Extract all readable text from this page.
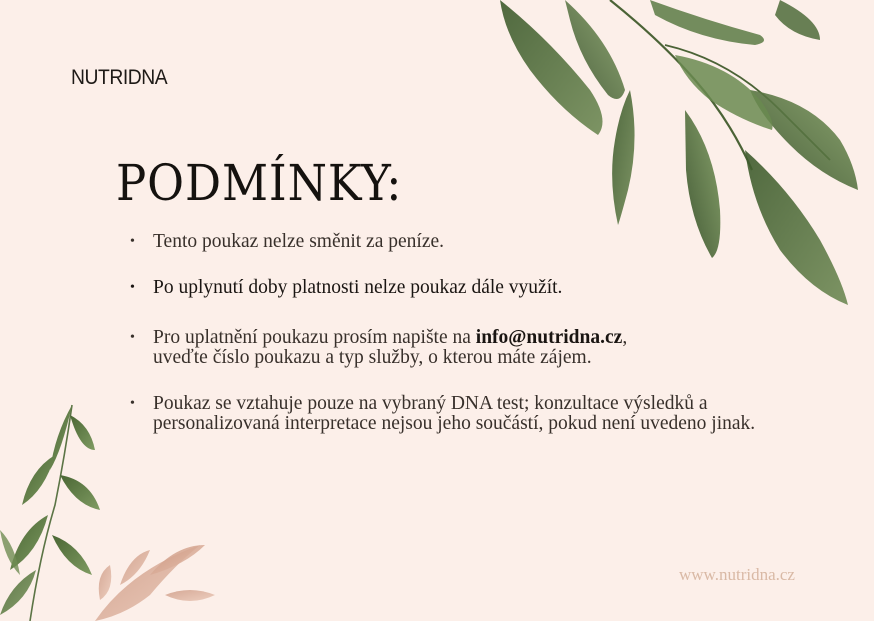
NUTRIDNA
PODMÍNKY:
• Tento poukaz nelze směnit za peníze.
• Po uplynutí doby platnosti nelze poukaz dále využít.
• Pro uplatnění poukazu prosím napište na info@nutridna.cz,
uveďte číslo poukazu a typ služby, o kterou máte zájem.
• Poukaz se vztahuje pouze na vybraný DNA test; konzultace výsledků a personalizovaná interpretace nejsou jeho součástí, pokud není uvedeno jinak.
www.nutridna.cz
